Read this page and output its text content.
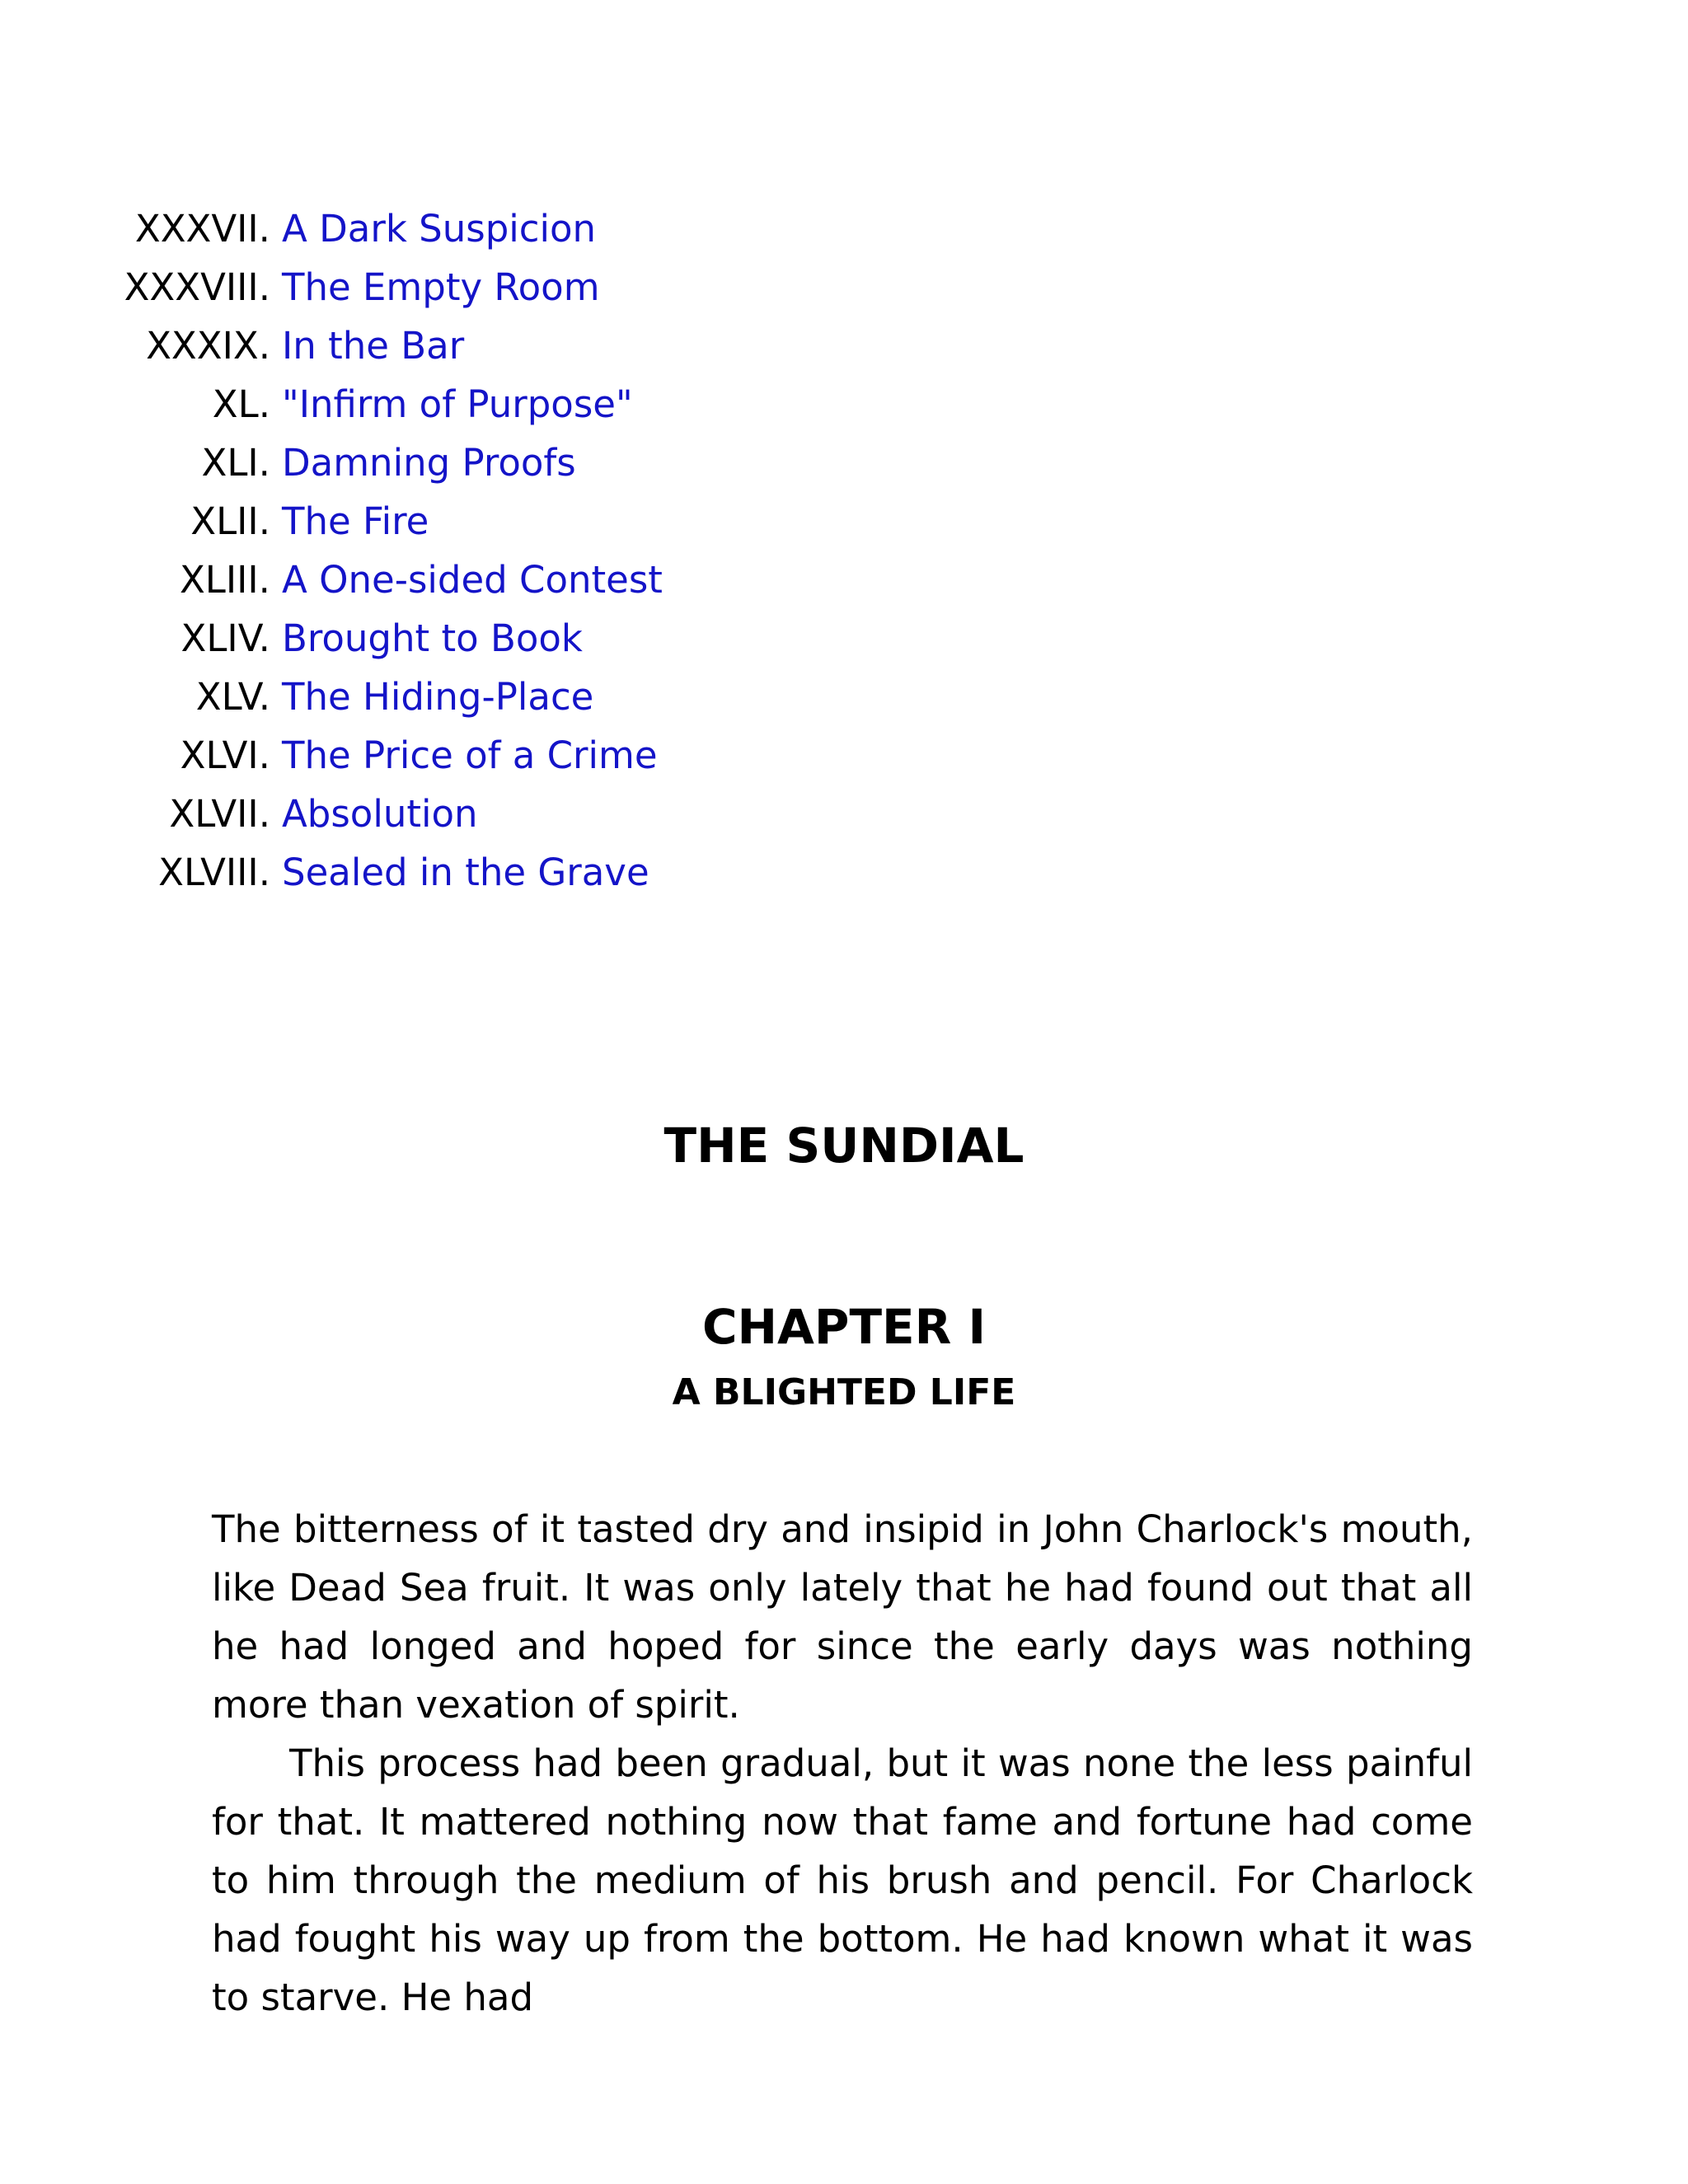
XXXVII. A Dark Suspicion
XXXVIII. The Empty Room
XXXIX. In the Bar
XL. "Infirm of Purpose"
XLI. Damning Proofs
XLII. The Fire
XLIII. A One-sided Contest
XLIV. Brought to Book
XLV. The Hiding-Place
XLVI. The Price of a Crime
XLVII. Absolution
XLVIII. Sealed in the Grave
THE SUNDIAL
CHAPTER I
A BLIGHTED LIFE

The bitterness of it tasted dry and insipid in John Charlock's mouth, like Dead Sea fruit. It was only lately that he had found out that all he had longed and hoped for since the early days was nothing more than vexation of spirit.

This process had been gradual, but it was none the less painful for that. It mattered nothing now that fame and fortune had come to him through the medium of his brush and pencil. For Charlock had fought his way up from the bottom. He had known what it was to starve. He had
